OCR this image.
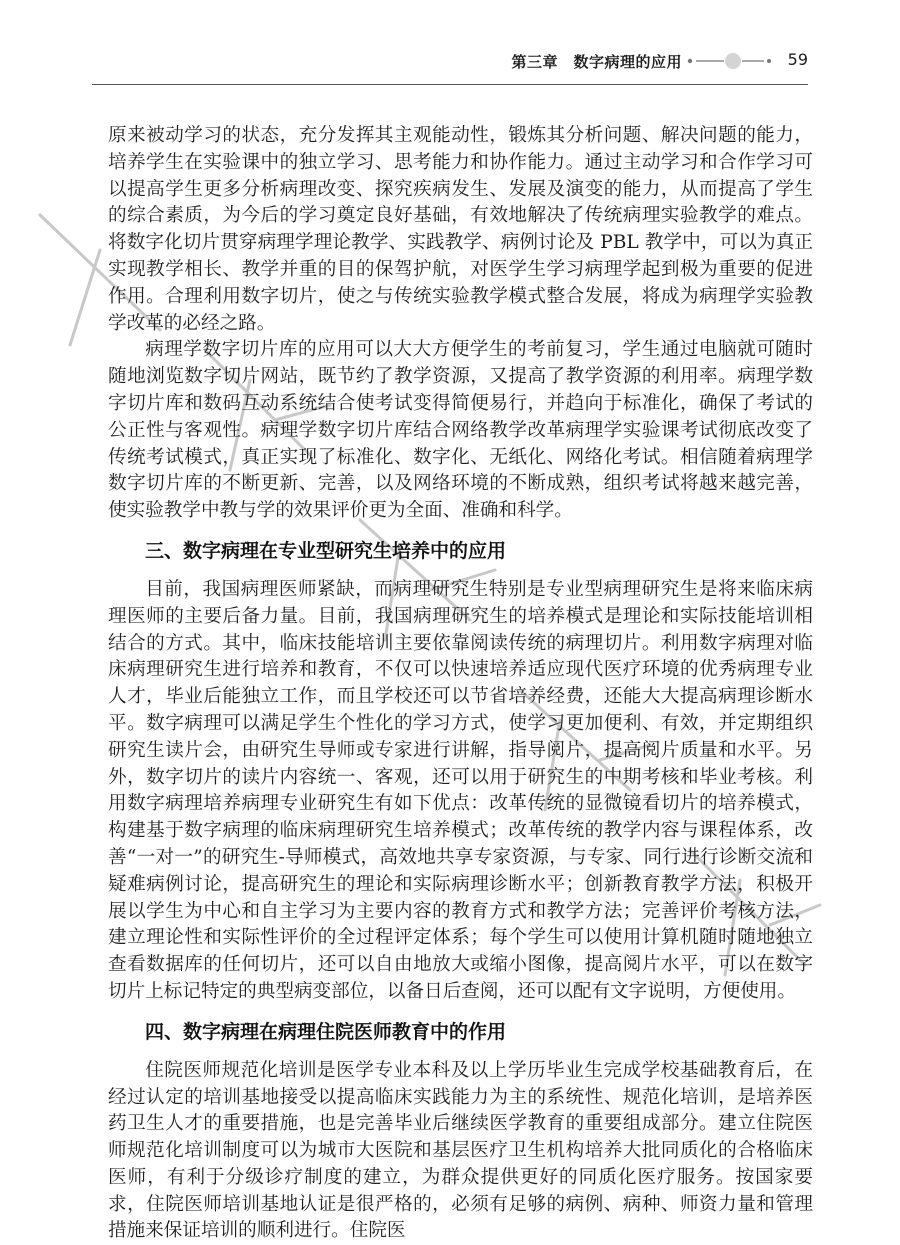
第三章　数字病理的应用	59

原来被动学习的状态，充分发挥其主观能动性，锻炼其分析问题、解决问题的能力，培养学生在实验课中的独立学习、思考能力和协作能力。通过主动学习和合作学习可以提高学生更多分析病理改变、探究疾病发生、发展及演变的能力，从而提高了学生的综合素质，为今后的学习奠定良好基础，有效地解决了传统病理实验教学的难点。将数字化切片贯穿病理学理论教学、实践教学、病例讨论及 PBL 教学中，可以为真正实现教学相长、教学并重的目的保驾护航，对医学生学习病理学起到极为重要的促进作用。合理利用数字切片，使之与传统实验教学模式整合发展，将成为病理学实验教学改革的必经之路。

病理学数字切片库的应用可以大大方便学生的考前复习，学生通过电脑就可随时随地浏览数字切片网站，既节约了教学资源，又提高了教学资源的利用率。病理学数字切片库和数码互动系统结合使考试变得简便易行，并趋向于标准化，确保了考试的公正性与客观性。病理学数字切片库结合网络教学改革病理学实验课考试彻底改变了传统考试模式，真正实现了标准化、数字化、无纸化、网络化考试。相信随着病理学数字切片库的不断更新、完善，以及网络环境的不断成熟，组织考试将越来越完善，使实验教学中教与学的效果评价更为全面、准确和科学。

三、数字病理在专业型研究生培养中的应用

目前，我国病理医师紧缺，而病理研究生特别是专业型病理研究生是将来临床病理医师的主要后备力量。目前，我国病理研究生的培养模式是理论和实际技能培训相结合的方式。其中，临床技能培训主要依靠阅读传统的病理切片。利用数字病理对临床病理研究生进行培养和教育，不仅可以快速培养适应现代医疗环境的优秀病理专业人才，毕业后能独立工作，而且学校还可以节省培养经费，还能大大提高病理诊断水平。数字病理可以满足学生个性化的学习方式，使学习更加便利、有效，并定期组织研究生读片会，由研究生导师或专家进行讲解，指导阅片，提高阅片质量和水平。另外，数字切片的读片内容统一、客观，还可以用于研究生的中期考核和毕业考核。利用数字病理培养病理专业研究生有如下优点：改革传统的显微镜看切片的培养模式，构建基于数字病理的临床病理研究生培养模式；改革传统的教学内容与课程体系，改善“一对一”的研究生-导师模式，高效地共享专家资源，与专家、同行进行诊断交流和疑难病例讨论，提高研究生的理论和实际病理诊断水平；创新教育教学方法，积极开展以学生为中心和自主学习为主要内容的教育方式和教学方法；完善评价考核方法，建立理论性和实际性评价的全过程评定体系；每个学生可以使用计算机随时随地独立查看数据库的任何切片，还可以自由地放大或缩小图像，提高阅片水平，可以在数字切片上标记特定的典型病变部位，以备日后查阅，还可以配有文字说明，方便使用。

四、数字病理在病理住院医师教育中的作用

住院医师规范化培训是医学专业本科及以上学历毕业生完成学校基础教育后，在经过认定的培训基地接受以提高临床实践能力为主的系统性、规范化培训，是培养医药卫生人才的重要措施，也是完善毕业后继续医学教育的重要组成部分。建立住院医师规范化培训制度可以为城市大医院和基层医疗卫生机构培养大批同质化的合格临床医师，有利于分级诊疗制度的建立，为群众提供更好的同质化医疗服务。按国家要求，住院医师培训基地认证是很严格的，必须有足够的病例、病种、师资力量和管理措施来保证培训的顺利进行。住院医
